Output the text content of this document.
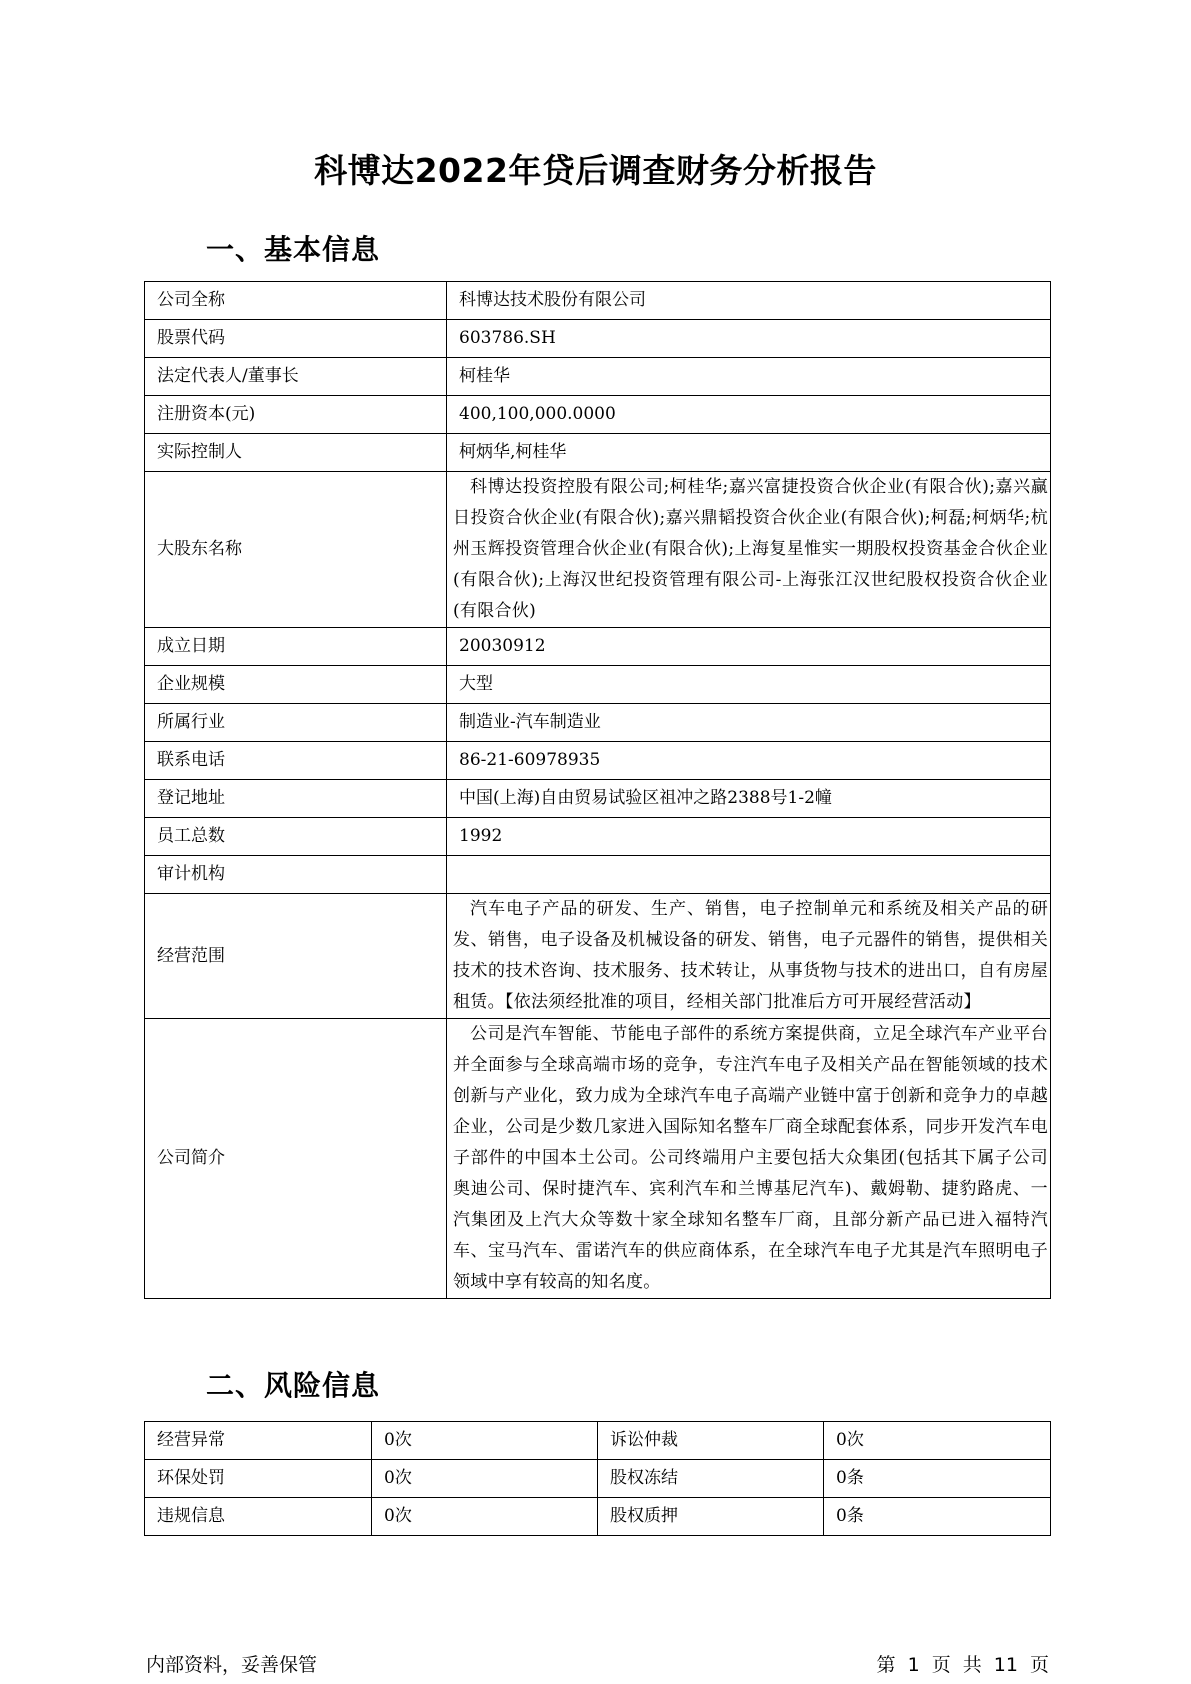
科博达2022年贷后调查财务分析报告
一、基本信息
公司全称	科博达技术股份有限公司
股票代码	603786.SH
法定代表人/董事长	柯桂华
注册资本(元)	400,100,000.0000
实际控制人	柯炳华,柯桂华
大股东名称	科博达投资控股有限公司;柯桂华;嘉兴富捷投资合伙企业(有限合伙);嘉兴赢日投资合伙企业(有限合伙);嘉兴鼎韬投资合伙企业(有限合伙);柯磊;柯炳华;杭州玉辉投资管理合伙企业(有限合伙);上海复星惟实一期股权投资基金合伙企业(有限合伙);上海汉世纪投资管理有限公司-上海张江汉世纪股权投资合伙企业(有限合伙)
成立日期	20030912
企业规模	大型
所属行业	制造业-汽车制造业
联系电话	86-21-60978935
登记地址	中国(上海)自由贸易试验区祖冲之路2388号1-2幢
员工总数	1992
审计机构	
经营范围	汽车电子产品的研发、生产、销售，电子控制单元和系统及相关产品的研发、销售，电子设备及机械设备的研发、销售，电子元器件的销售，提供相关技术的技术咨询、技术服务、技术转让，从事货物与技术的进出口，自有房屋租赁。【依法须经批准的项目，经相关部门批准后方可开展经营活动】
公司简介	公司是汽车智能、节能电子部件的系统方案提供商，立足全球汽车产业平台并全面参与全球高端市场的竞争，专注汽车电子及相关产品在智能领域的技术创新与产业化，致力成为全球汽车电子高端产业链中富于创新和竞争力的卓越企业，公司是少数几家进入国际知名整车厂商全球配套体系，同步开发汽车电子部件的中国本土公司。公司终端用户主要包括大众集团(包括其下属子公司奥迪公司、保时捷汽车、宾利汽车和兰博基尼汽车)、戴姆勒、捷豹路虎、一汽集团及上汽大众等数十家全球知名整车厂商，且部分新产品已进入福特汽车、宝马汽车、雷诺汽车的供应商体系，在全球汽车电子尤其是汽车照明电子领域中享有较高的知名度。
二、风险信息
经营异常	0次	诉讼仲裁	0次
环保处罚	0次	股权冻结	0条
违规信息	0次	股权质押	0条
内部资料，妥善保管	第 1 页 共 11 页
